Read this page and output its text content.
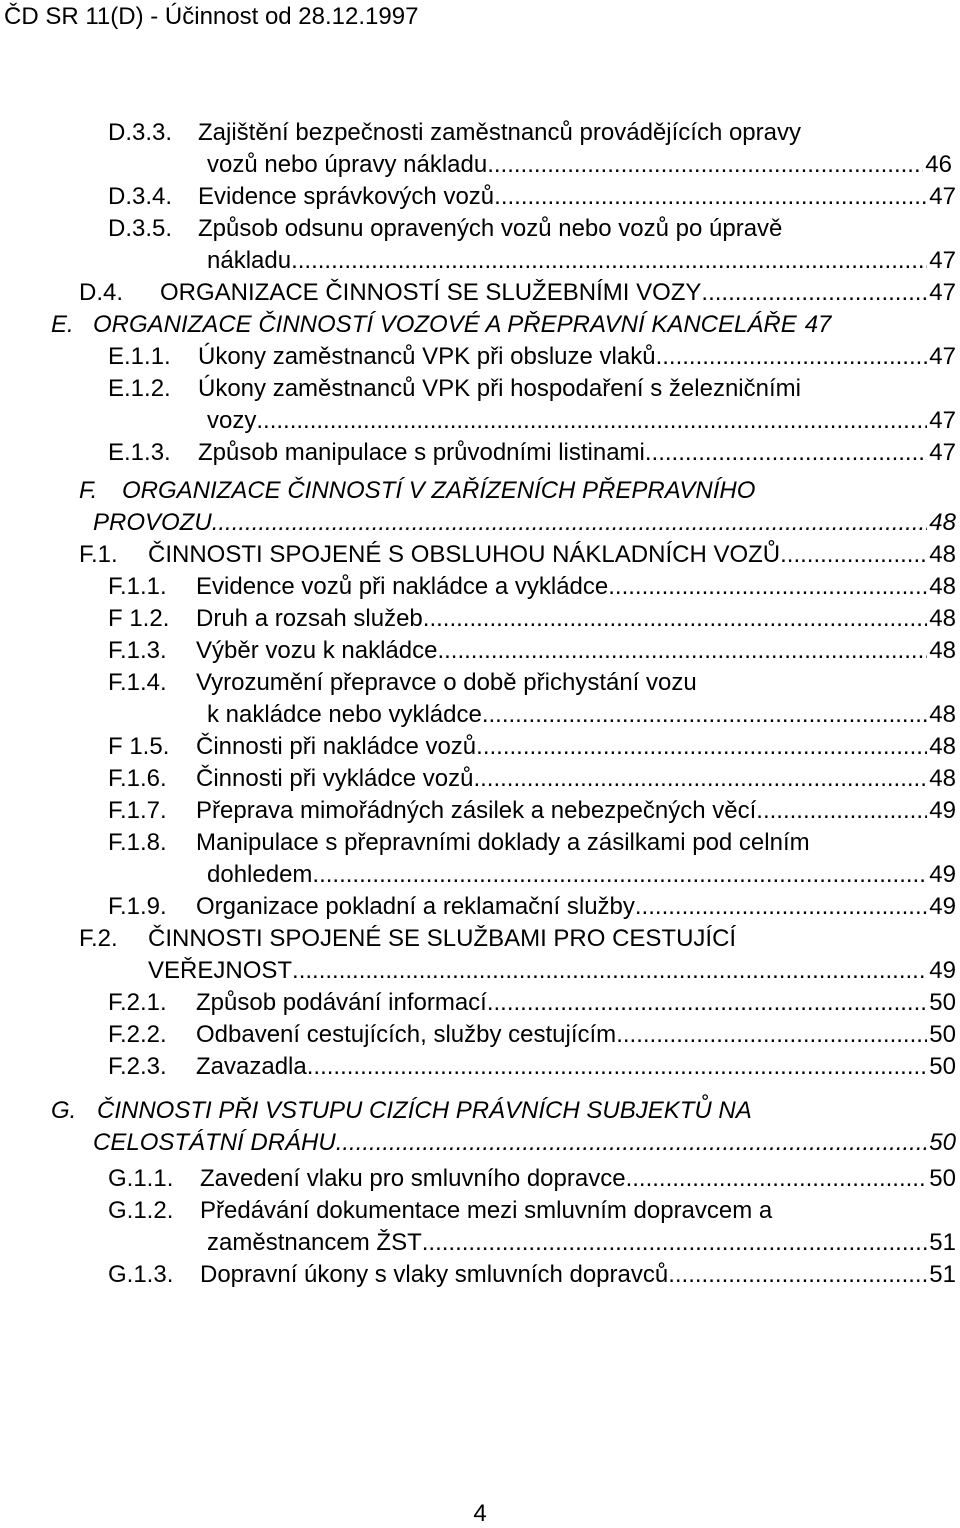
ČD SR 11(D) - Účinnost od 28.12.1997
D.3.3. Zajištění bezpečnosti zaměstnanců provádějících opravy
vozů nebo úpravy nákladu .....	46
D.3.4. Evidence správkových vozů .....	47
D.3.5. Způsob odsunu opravených vozů nebo vozů po úpravě
nákladu .....	47
D.4. ORGANIZACE ČINNOSTÍ SE SLUŽEBNÍMI VOZY .....	47
E. ORGANIZACE ČINNOSTÍ VOZOVÉ A PŘEPRAVNÍ KANCELÁŘE 47
E.1.1. Úkony zaměstnanců VPK při obsluze vlaků .....	47
E.1.2. Úkony zaměstnanců VPK při hospodaření s železničními
vozy .....	47
E.1.3. Způsob manipulace s průvodními listinami .....	47
F. ORGANIZACE ČINNOSTÍ V ZAŘÍZENÍCH PŘEPRAVNÍHO
PROVOZU .....	48
F.1. ČINNOSTI SPOJENÉ S OBSLUHOU NÁKLADNÍCH VOZŮ .....	48
F.1.1. Evidence vozů při nakládce a vykládce .....	48
F 1.2. Druh a rozsah služeb .....	48
F.1.3. Výběr vozu k nakládce .....	48
F.1.4. Vyrozumění přepravce o době přichystání vozu
k nakládce nebo vykládce .....	48
F 1.5. Činnosti při nakládce vozů .....	48
F.1.6. Činnosti při vykládce vozů .....	48
F.1.7. Přeprava mimořádných zásilek a nebezpečných věcí .....	49
F.1.8. Manipulace s přepravními doklady a zásilkami pod celním
dohledem .....	49
F.1.9. Organizace pokladní a reklamační služby .....	49
F.2. ČINNOSTI SPOJENÉ SE SLUŽBAMI PRO CESTUJÍCÍ
VEŘEJNOST .....	49
F.2.1. Způsob podávání informací .....	50
F.2.2. Odbavení cestujících, služby cestujícím .....	50
F.2.3. Zavazadla .....	50
G. ČINNOSTI PŘI VSTUPU CIZÍCH PRÁVNÍCH SUBJEKTŮ NA
CELOSTÁTNÍ DRÁHU .....	50
G.1.1. Zavedení vlaku pro smluvního dopravce .....	50
G.1.2. Předávání dokumentace mezi smluvním dopravcem a
zaměstnancem ŽST .....	51
G.1.3. Dopravní úkony s vlaky smluvních dopravců .....	51
4
